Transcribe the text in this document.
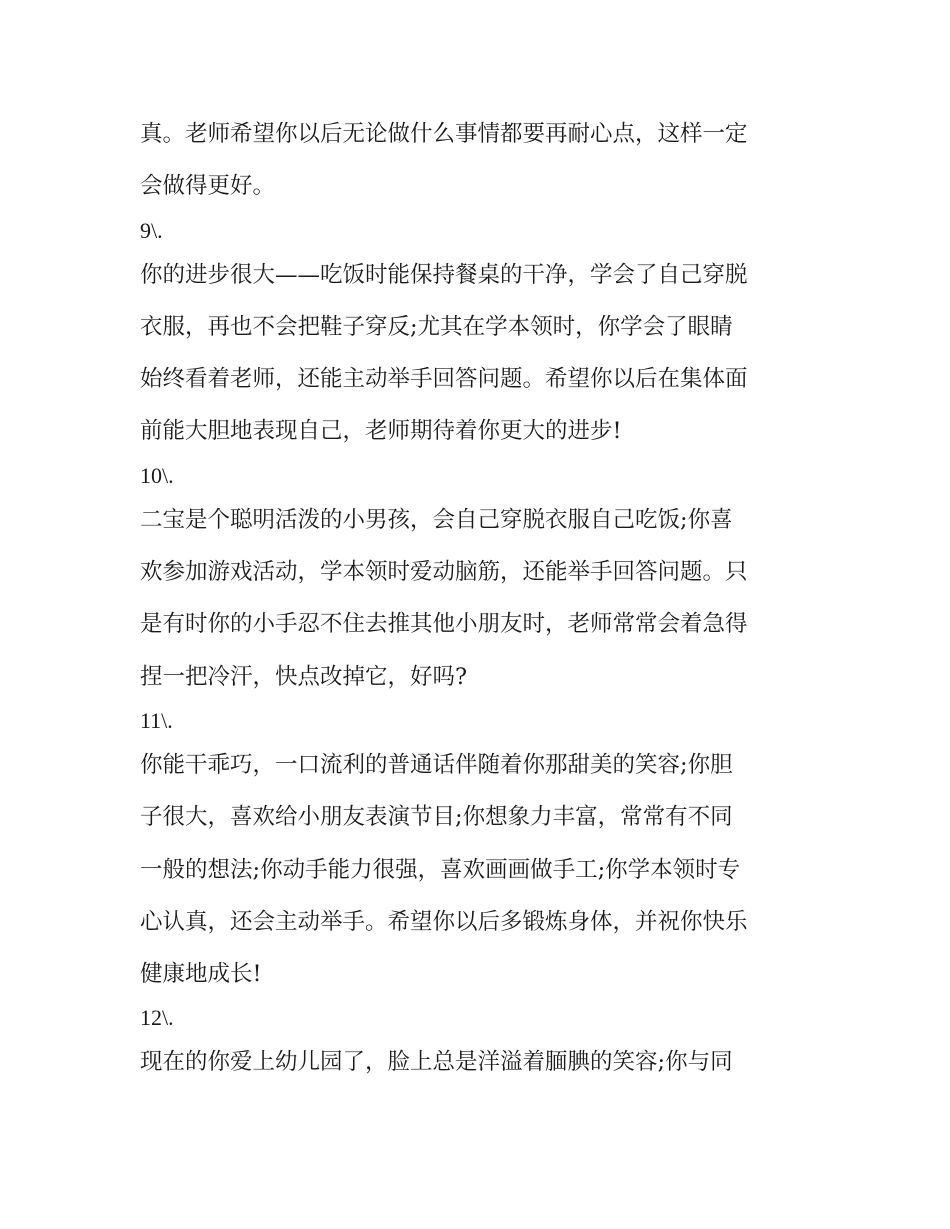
真。老师希望你以后无论做什么事情都要再耐心点，这样一定
会做得更好。
9\.
你的进步很大——吃饭时能保持餐桌的干净，学会了自己穿脱
衣服，再也不会把鞋子穿反;尤其在学本领时，你学会了眼睛
始终看着老师，还能主动举手回答问题。希望你以后在集体面
前能大胆地表现自己，老师期待着你更大的进步!
10\.
二宝是个聪明活泼的小男孩，会自己穿脱衣服自己吃饭;你喜
欢参加游戏活动，学本领时爱动脑筋，还能举手回答问题。只
是有时你的小手忍不住去推其他小朋友时，老师常常会着急得
捏一把冷汗，快点改掉它，好吗?
11\.
你能干乖巧，一口流利的普通话伴随着你那甜美的笑容;你胆
子很大，喜欢给小朋友表演节目;你想象力丰富，常常有不同
一般的想法;你动手能力很强，喜欢画画做手工;你学本领时专
心认真，还会主动举手。希望你以后多锻炼身体，并祝你快乐
健康地成长!
12\.
现在的你爱上幼儿园了，脸上总是洋溢着腼腆的笑容;你与同
